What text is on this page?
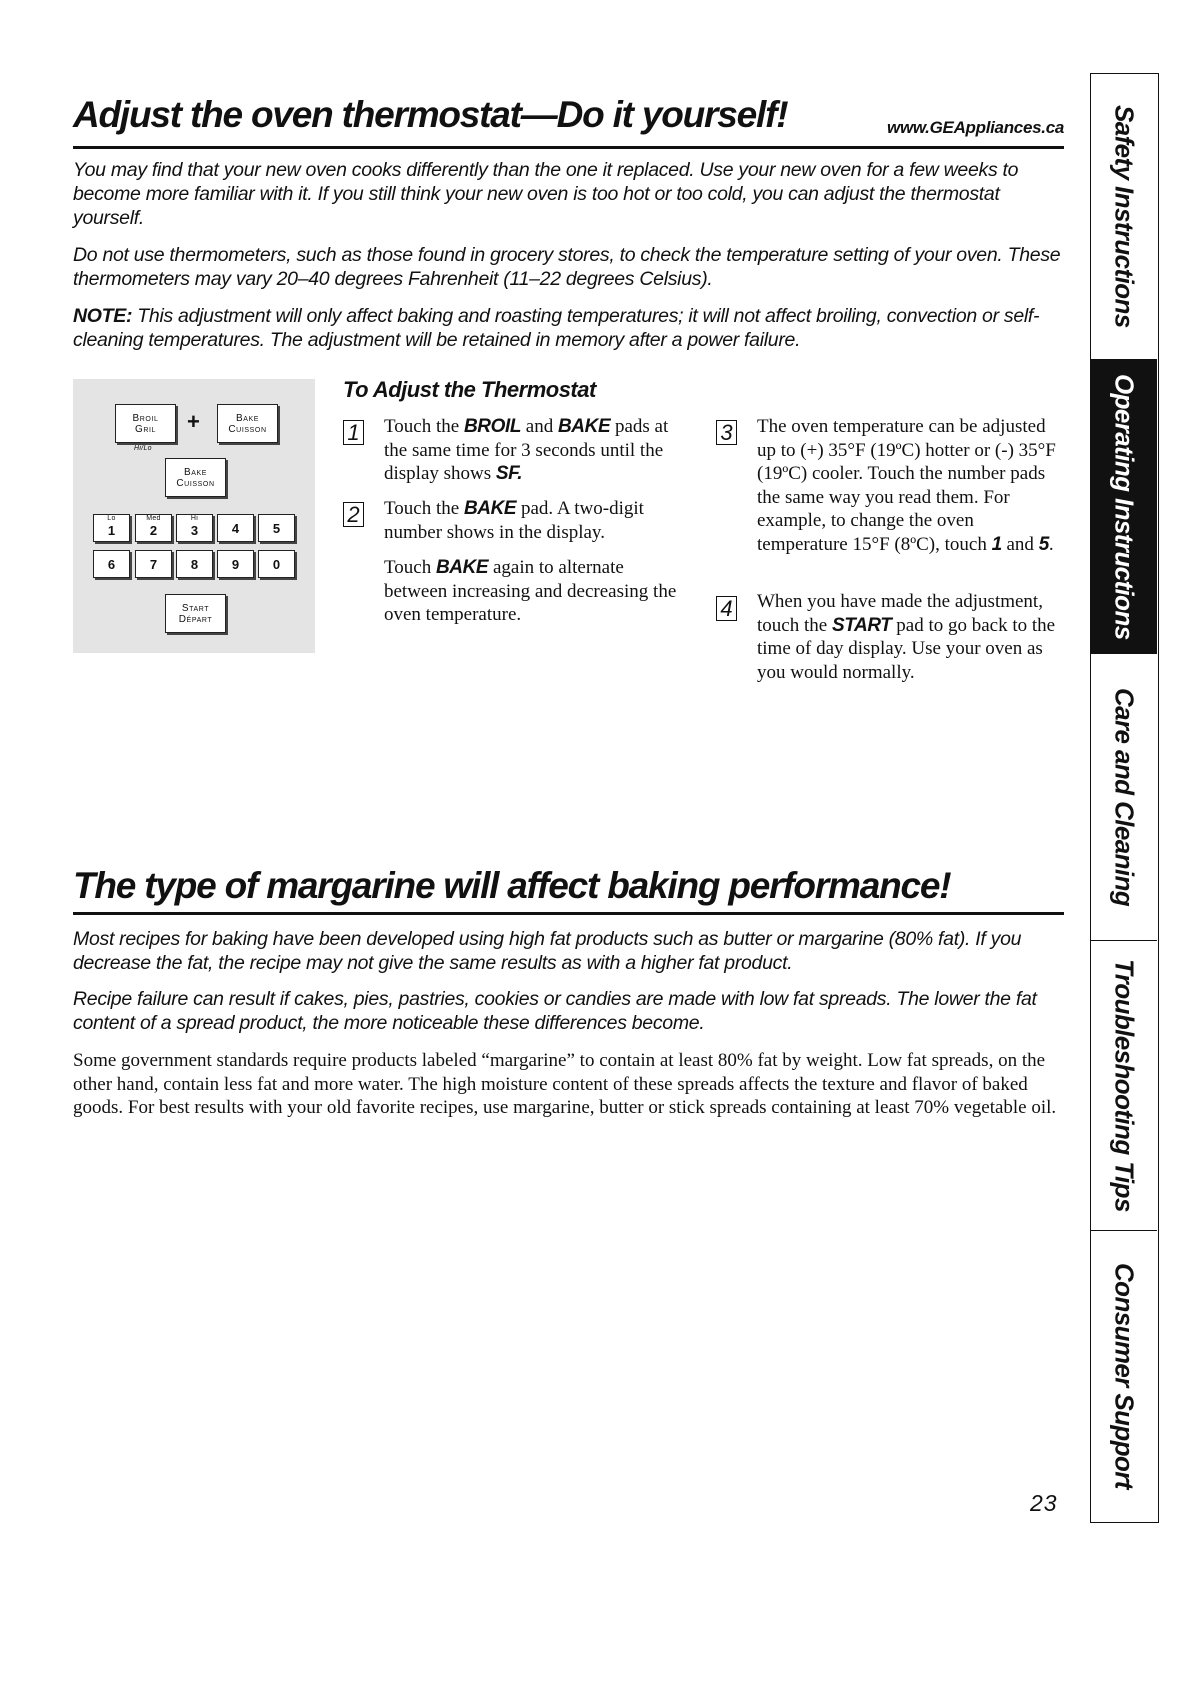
Adjust the oven thermostat—Do it yourself!	www.GEAppliances.ca

You may find that your new oven cooks differently than the one it replaced. Use your new oven for a few weeks to become more familiar with it. If you still think your new oven is too hot or too cold, you can adjust the thermostat yourself.

Do not use thermometers, such as those found in grocery stores, to check the temperature setting of your oven. These thermometers may vary 20–40 degrees Fahrenheit (11–22 degrees Celsius).

NOTE: This adjustment will only affect baking and roasting temperatures; it will not affect broiling, convection or self-cleaning temperatures. The adjustment will be retained in memory after a power failure.

Broil
Gril
Hi/Lo
+	Bake
Cuisson
Bake
Cuisson
Lo
1
Med
2
Hi
3	4	5
6	7	8	9	0
Start
Départ
To Adjust the Thermostat
1 Touch the BROIL and BAKE pads at the same time for 3 seconds until the display shows SF.

2 Touch the BAKE pad. A two-digit number shows in the display.

Touch BAKE again to alternate between increasing and decreasing the oven temperature.

3 The oven temperature can be adjusted up to (+) 35°F (19ºC) hotter or (-) 35°F (19ºC) cooler. Touch the number pads the same way you read them. For example, to change the oven temperature 15°F (8ºC), touch 1 and 5.

4 When you have made the adjustment, touch the START pad to go back to the time of day display. Use your oven as you would normally.

The type of margarine will affect baking performance!

Most recipes for baking have been developed using high fat products such as butter or margarine (80% fat). If you decrease the fat, the recipe may not give the same results as with a higher fat product.

Recipe failure can result if cakes, pies, pastries, cookies or candies are made with low fat spreads. The lower the fat content of a spread product, the more noticeable these differences become.

Some government standards require products labeled “margarine” to contain at least 80% fat by weight. Low fat spreads, on the other hand, contain less fat and more water. The high moisture content of these spreads affects the texture and flavor of baked goods. For best results with your old favorite recipes, use margarine, butter or stick spreads containing at least 70% vegetable oil.

23
Safety Instructions
Operating Instructions
Care and Cleaning
Troubleshooting Tips
Consumer Support
